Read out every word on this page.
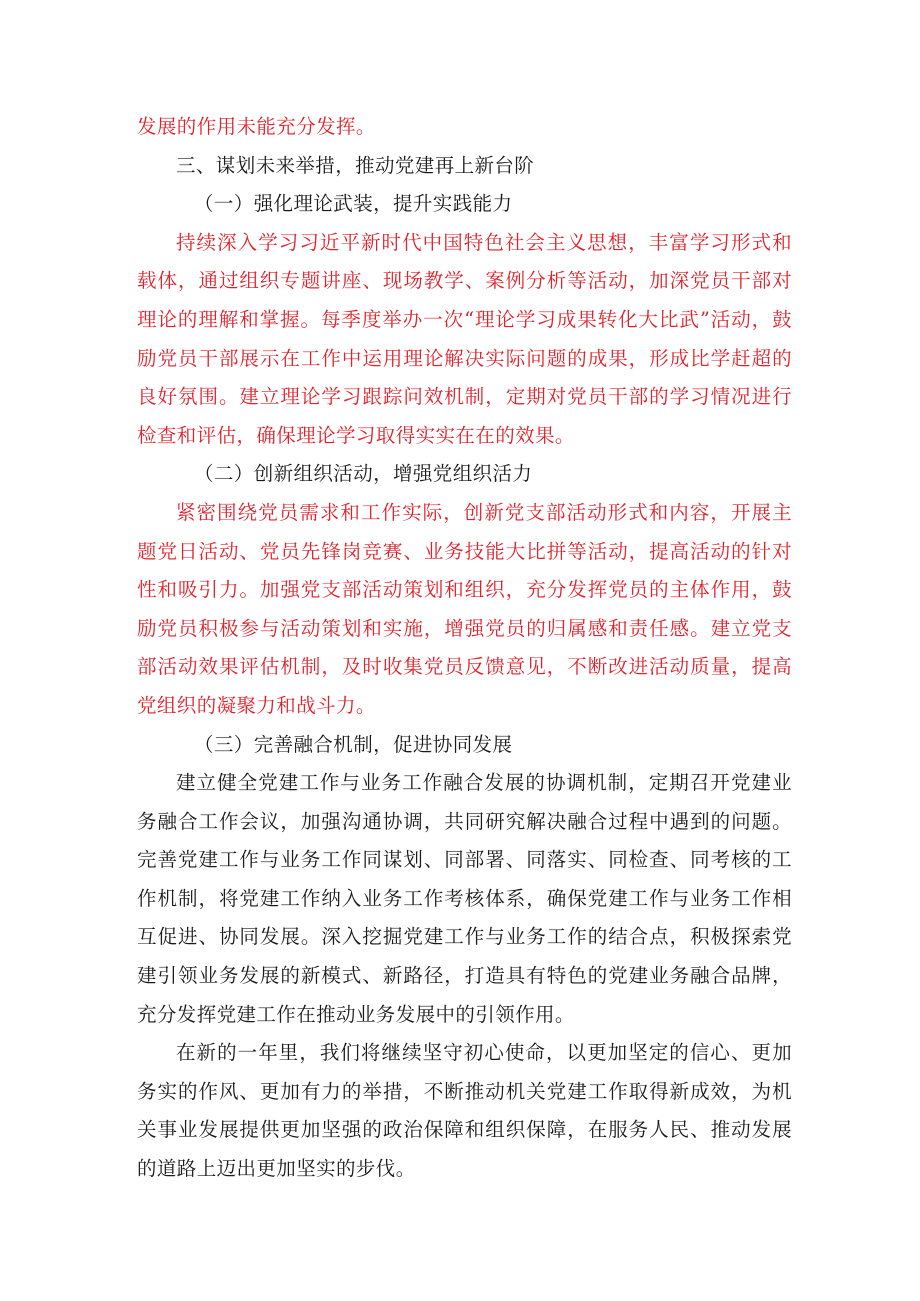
发展的作用未能充分发挥。

三、谋划未来举措，推动党建再上新台阶

（一）强化理论武装，提升实践能力

持续深入学习习近平新时代中国特色社会主义思想，丰富学习形式和载体，通过组织专题讲座、现场教学、案例分析等活动，加深党员干部对理论的理解和掌握。每季度举办一次“理论学习成果转化大比武”活动，鼓励党员干部展示在工作中运用理论解决实际问题的成果，形成比学赶超的良好氛围。建立理论学习跟踪问效机制，定期对党员干部的学习情况进行检查和评估，确保理论学习取得实实在在的效果。

（二）创新组织活动，增强党组织活力

紧密围绕党员需求和工作实际，创新党支部活动形式和内容，开展主题党日活动、党员先锋岗竞赛、业务技能大比拼等活动，提高活动的针对性和吸引力。加强党支部活动策划和组织，充分发挥党员的主体作用，鼓励党员积极参与活动策划和实施，增强党员的归属感和责任感。建立党支部活动效果评估机制，及时收集党员反馈意见，不断改进活动质量，提高党组织的凝聚力和战斗力。

（三）完善融合机制，促进协同发展

建立健全党建工作与业务工作融合发展的协调机制，定期召开党建业务融合工作会议，加强沟通协调，共同研究解决融合过程中遇到的问题。完善党建工作与业务工作同谋划、同部署、同落实、同检查、同考核的工作机制，将党建工作纳入业务工作考核体系，确保党建工作与业务工作相互促进、协同发展。深入挖掘党建工作与业务工作的结合点，积极探索党建引领业务发展的新模式、新路径，打造具有特色的党建业务融合品牌，充分发挥党建工作在推动业务发展中的引领作用。

在新的一年里，我们将继续坚守初心使命，以更加坚定的信心、更加务实的作风、更加有力的举措，不断推动机关党建工作取得新成效，为机关事业发展提供更加坚强的政治保障和组织保障，在服务人民、推动发展的道路上迈出更加坚实的步伐。
